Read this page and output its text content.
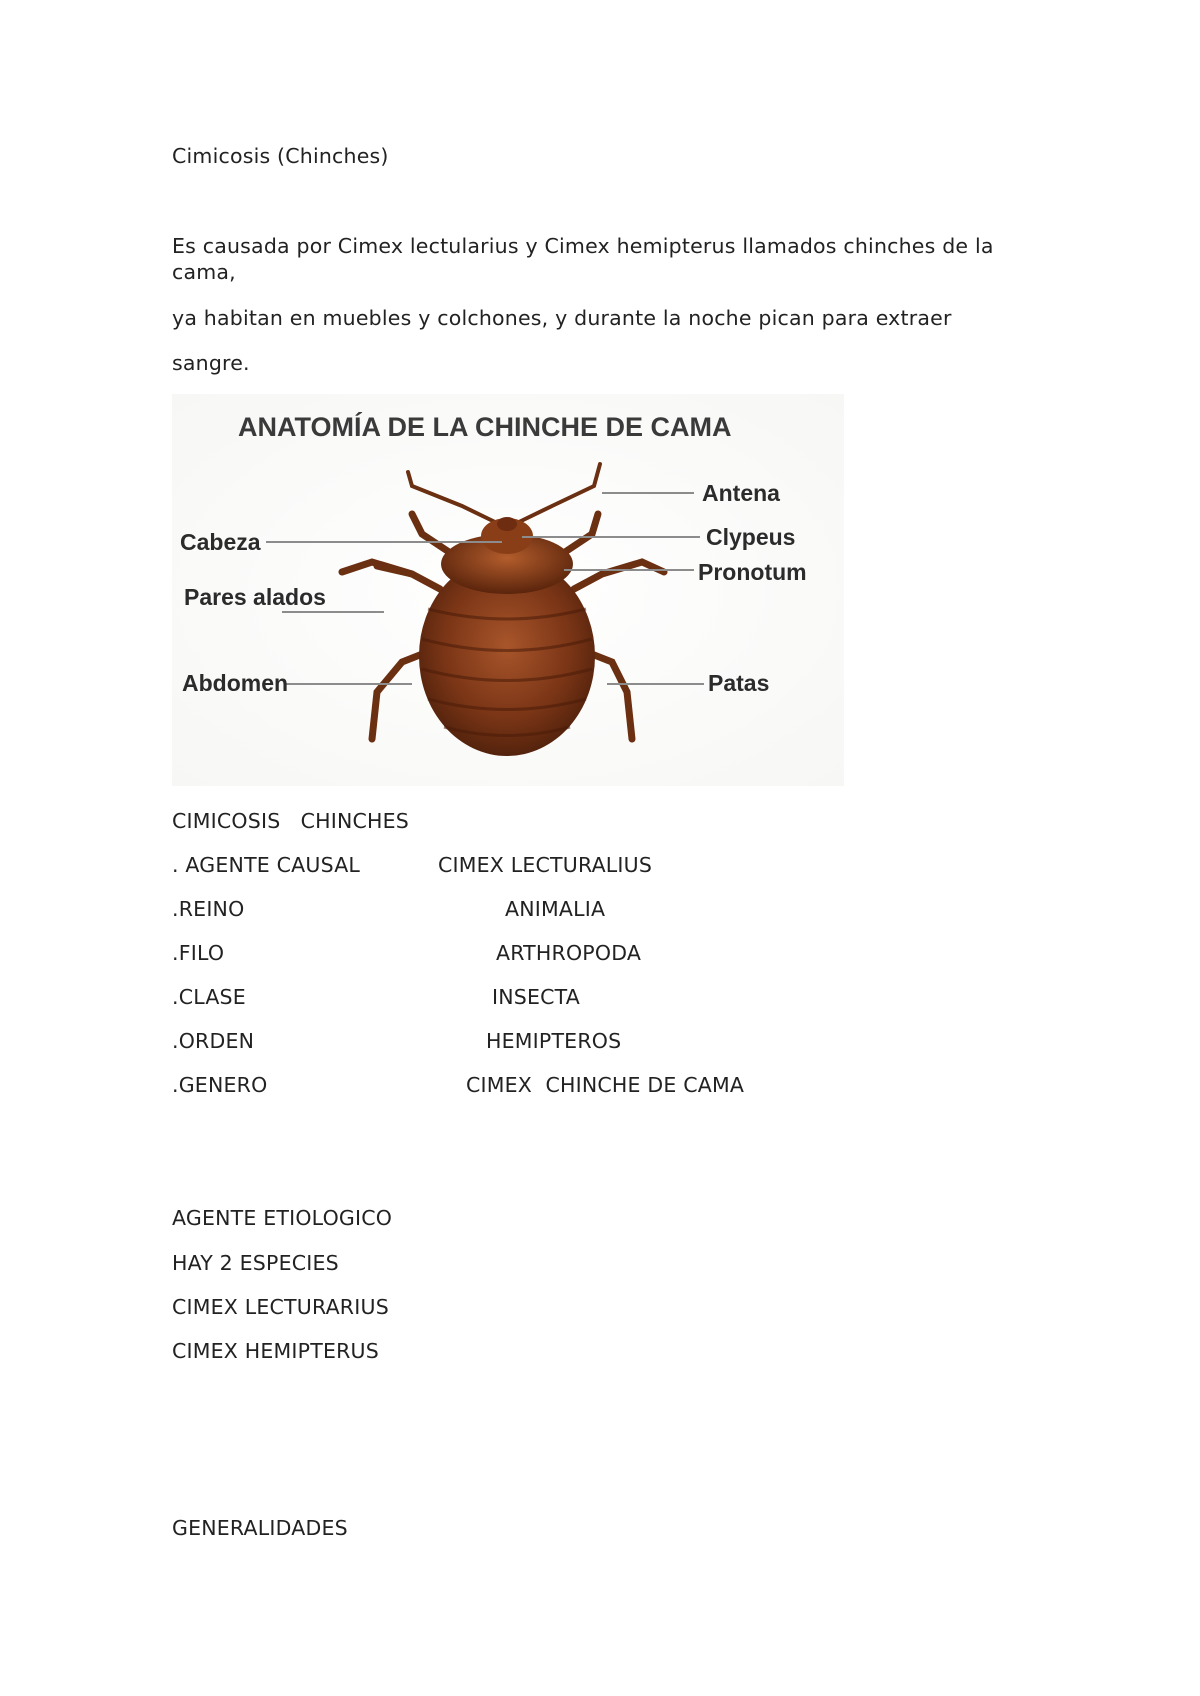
Cimicosis (Chinches)
Es causada por Cimex lectularius y Cimex hemipterus llamados chinches de la cama,
ya habitan en muebles y colchones, y durante la noche pican para extraer
sangre.
ANATOMÍA DE LA CHINCHE DE CAMA
Antena
Cabeza	Clypeus
Pronotum
Pares alados
Abdomen	Patas
CIMICOSIS   CHINCHES
. AGENTE CAUSAL	CIMEX LECTURALIUS
.REINO	ANIMALIA
.FILO	ARTHROPODA
.CLASE	INSECTA
.ORDEN	HEMIPTEROS
.GENERO	CIMEX  CHINCHE DE CAMA
AGENTE ETIOLOGICO
HAY 2 ESPECIES
CIMEX LECTURARIUS
CIMEX HEMIPTERUS
GENERALIDADES
